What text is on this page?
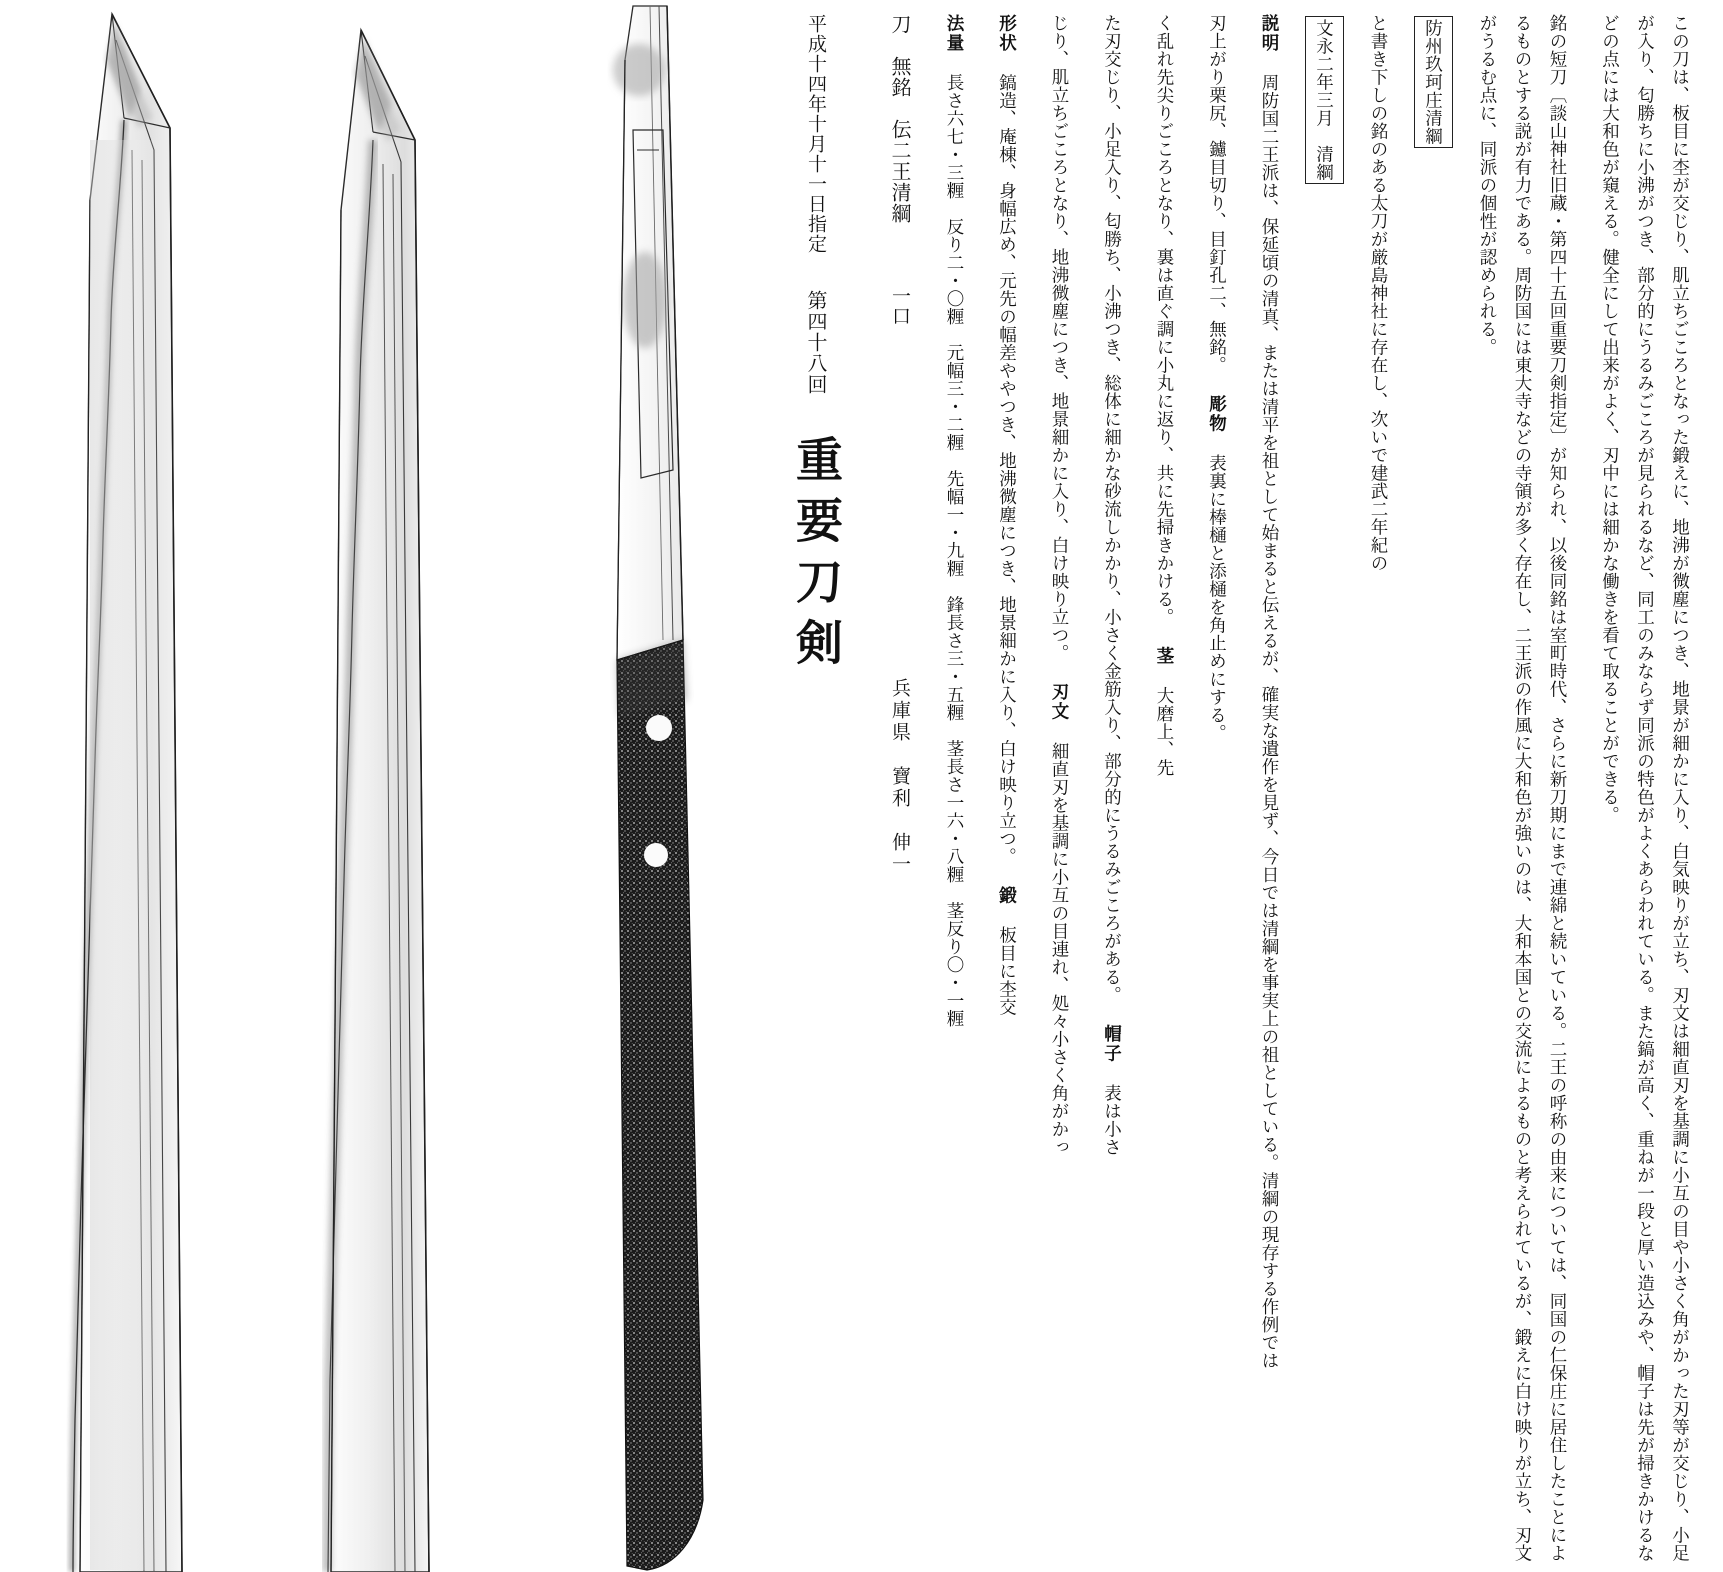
この刀は、板目に杢が交じり、肌立ちごころとなった鍛えに、地沸が微塵につき、地景が細かに入り、白気映りが立ち、刃文は細直刃を基調に小互の目や小さく角がかった刃等が交じり、小足が入り、匂勝ちに小沸がつき、部分的にうるみごころが見られるなど、同工のみならず同派の特色がよくあらわれている。また鎬が高く、重ねが一段と厚い造込みや、帽子は先が掃きかけるなどの点には大和色が窺える。健全にして出来がよく、刃中には細かな働きを看て取ることができる。

銘の短刀〔談山神社旧蔵・第四十五回重要刀剣指定〕が知られ、以後同銘は室町時代、さらに新刀期にまで連綿と続いている。二王の呼称の由来については、同国の仁保庄に居住したことによるものとする説が有力である。周防国には東大寺などの寺領が多く存在し、二王派の作風に大和色が強いのは、大和本国との交流によるものと考えられているが、鍛えに白け映りが立ち、刃文がうるむ点に、同派の個性が認められる。

防州玖珂庄清綱

と書き下しの銘のある太刀が厳島神社に存在し、次いで建武二年紀の

文永二年三月　清綱

説明 周防国二王派は、保延頃の清真、または清平を祖として始まると伝えるが、確実な遺作を見ず、今日では清綱を事実上の祖としている。清綱の現存する作例では

刃上がり栗尻、鑢目切り、目釘孔二、無銘。 彫物 表裏に棒樋と添樋を角止めにする。

く乱れ先尖りごころとなり、裏は直ぐ調に小丸に返り、共に先掃きかける。 茎 大磨上、先

た刃交じり、小足入り、匂勝ち、小沸つき、総体に細かな砂流しかかり、小さく金筋入り、部分的にうるみごころがある。 帽子 表は小さ

じり、肌立ちごころとなり、地沸微塵につき、地景細かに入り、白け映り立つ。 刃文 細直刃を基調に小互の目連れ、処々小さく角がかっ

形状 鎬造、庵棟、身幅広め、元先の幅差ややつき、地沸微塵につき、地景細かに入り、白け映り立つ。 鍛 板目に杢交

法量 長さ六七・三糎　反り二・〇糎　元幅三・二糎　先幅一・九糎　鋒長さ三・五糎　茎長さ一六・八糎　茎反り〇・一糎

刀　無銘　伝二王清綱 一口 兵庫県　寶利　伸一

平成十四年十月十一日指定 第四十八回 重要刀剣
